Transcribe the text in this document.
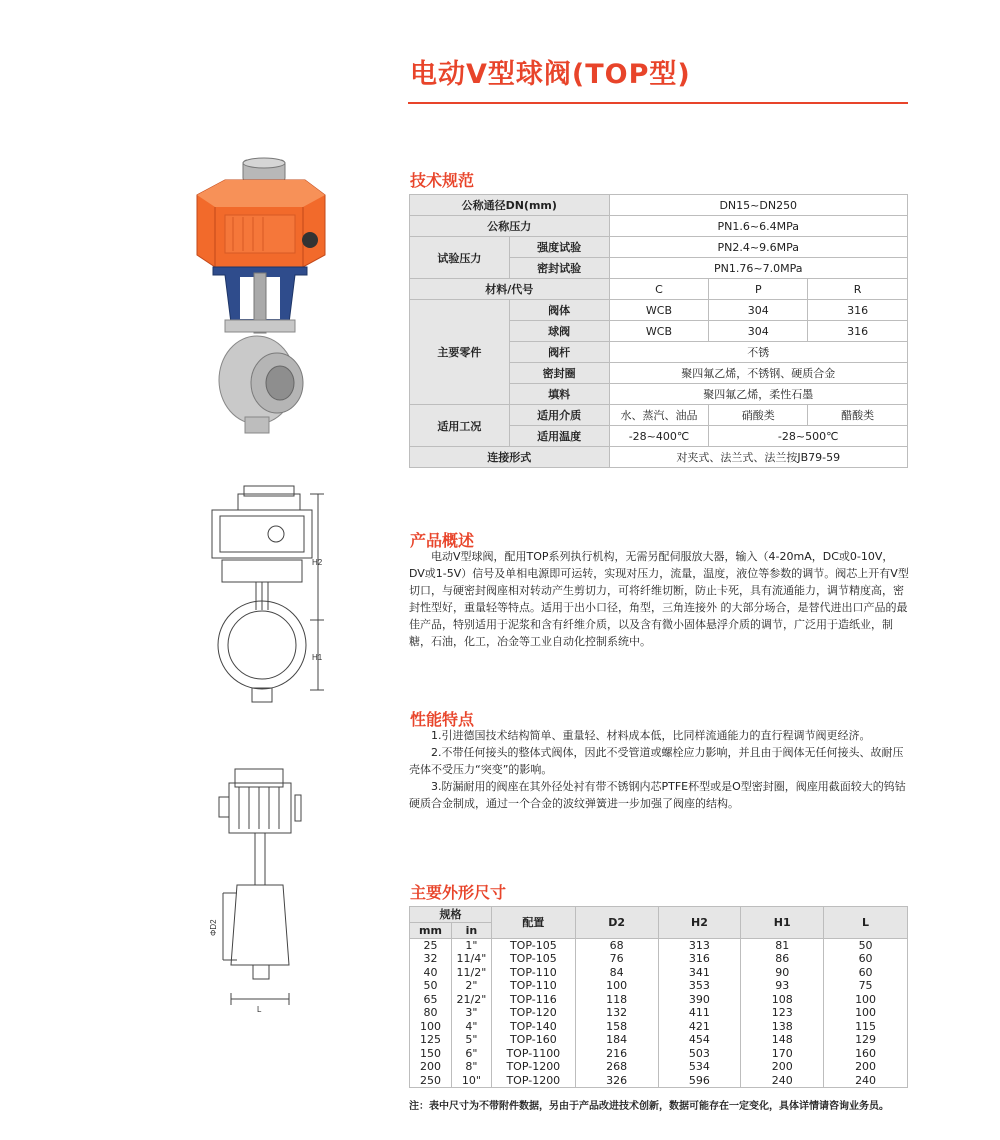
电动V型球阀(TOP型)
H2
H1
ΦD2
L
技术规范
公称通径DN(mm)		DN15~DN250		
公称压力		PN1.6~6.4MPa		
试验压力	强度试验	PN2.4~9.6MPa		
	密封试验	PN1.76~7.0MPa		
材料/代号		C	P	R
主要零件	阀体	WCB	304	316
	球阀	WCB	304	316
	阀杆	不锈		
	密封圈	聚四氟乙烯，不锈钢、硬质合金		
	填料	聚四氟乙烯，柔性石墨		
适用工况	适用介质	水、蒸汽、油品	硝酸类	醋酸类
	适用温度	-28~400℃	-28~500℃	
连接形式		对夹式、法兰式、法兰按JB79-59		
产品概述

电动V型球阀，配用TOP系列执行机构，无需另配伺服放大器，输入（4-20mA，DC或0-10V，DV或1-5V）信号及单相电源即可运转，实现对压力，流量，温度，液位等参数的调节。阀芯上开有V型切口，与硬密封阀座相对转动产生剪切力，可将纤维切断，防止卡死，具有流通能力，调节精度高，密封性型好，重量轻等特点。适用于出小口径，角型，三角连接外 的大部分场合，是替代进出口产品的最佳产品，特别适用于泥浆和含有纤维介质，以及含有微小固体悬浮介质的调节，广泛用于造纸业，制糖，石油，化工，冶金等工业自动化控制系统中。

性能特点

1.引进德国技术结构简单、重量轻、材料成本低，比同样流通能力的直行程调节阀更经济。

2.不带任何接头的整体式阀体，因此不受管道或螺栓应力影响，并且由于阀体无任何接头、故耐压壳体不受压力“突变”的影响。

3.防漏耐用的阀座在其外径处衬有带不锈钢内芯PTFE杯型或是O型密封圈，阀座用截面较大的钨钴硬质合金制成，通过一个合金的波纹弹簧进一步加强了阀座的结构。

主要外形尺寸
规格		配置	D2	H2	H1	L
mm	in					
25	1"	TOP-105	68	313	81	50
32	11/4"	TOP-105	76	316	86	60
40	11/2"	TOP-110	84	341	90	60
50	2"	TOP-110	100	353	93	75
65	21/2"	TOP-116	118	390	108	100
80	3"	TOP-120	132	411	123	100
100	4"	TOP-140	158	421	138	115
125	5"	TOP-160	184	454	148	129
150	6"	TOP-1100	216	503	170	160
200	8"	TOP-1200	268	534	200	200
250	10"	TOP-1200	326	596	240	240
注：表中尺寸为不带附件数据，另由于产品改进技术创新，数据可能存在一定变化，具体详情请咨询业务员。
